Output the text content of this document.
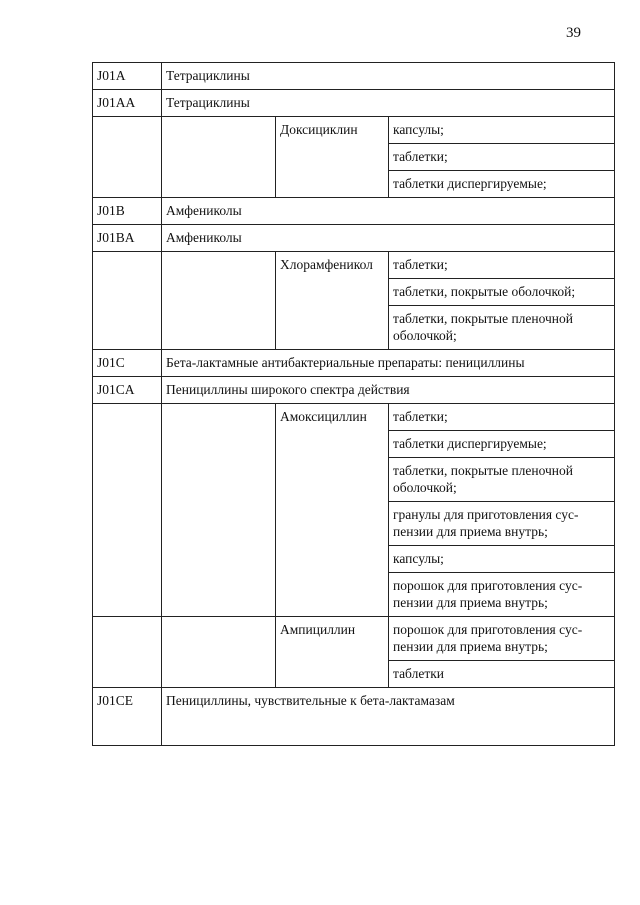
39
J01A	Тетрациклины		
J01AA	Тетрациклины		
		Доксициклин	капсулы;
			таблетки;
			таблетки диспергируемые;
J01B	Амфениколы		
J01BA	Амфениколы		
		Хлорамфеникол	таблетки;
			таблетки, покрытые оболочкой;
			таблетки, покрытые пленочной оболочкой;
J01C	Бета-лактамные антибактериальные препараты: пенициллины		
J01CA	Пенициллины широкого спектра действия		
		Амоксициллин	таблетки;
			таблетки диспергируемые;
			таблетки, покрытые пленочной оболочкой;
			гранулы для приготовления сус-пензии для приема внутрь;
			капсулы;
			порошок для приготовления сус-пензии для приема внутрь;
		Ампициллин	порошок для приготовления сус-пензии для приема внутрь;
			таблетки
J01CE	Пенициллины, чувствительные к бета-лактамазам		
